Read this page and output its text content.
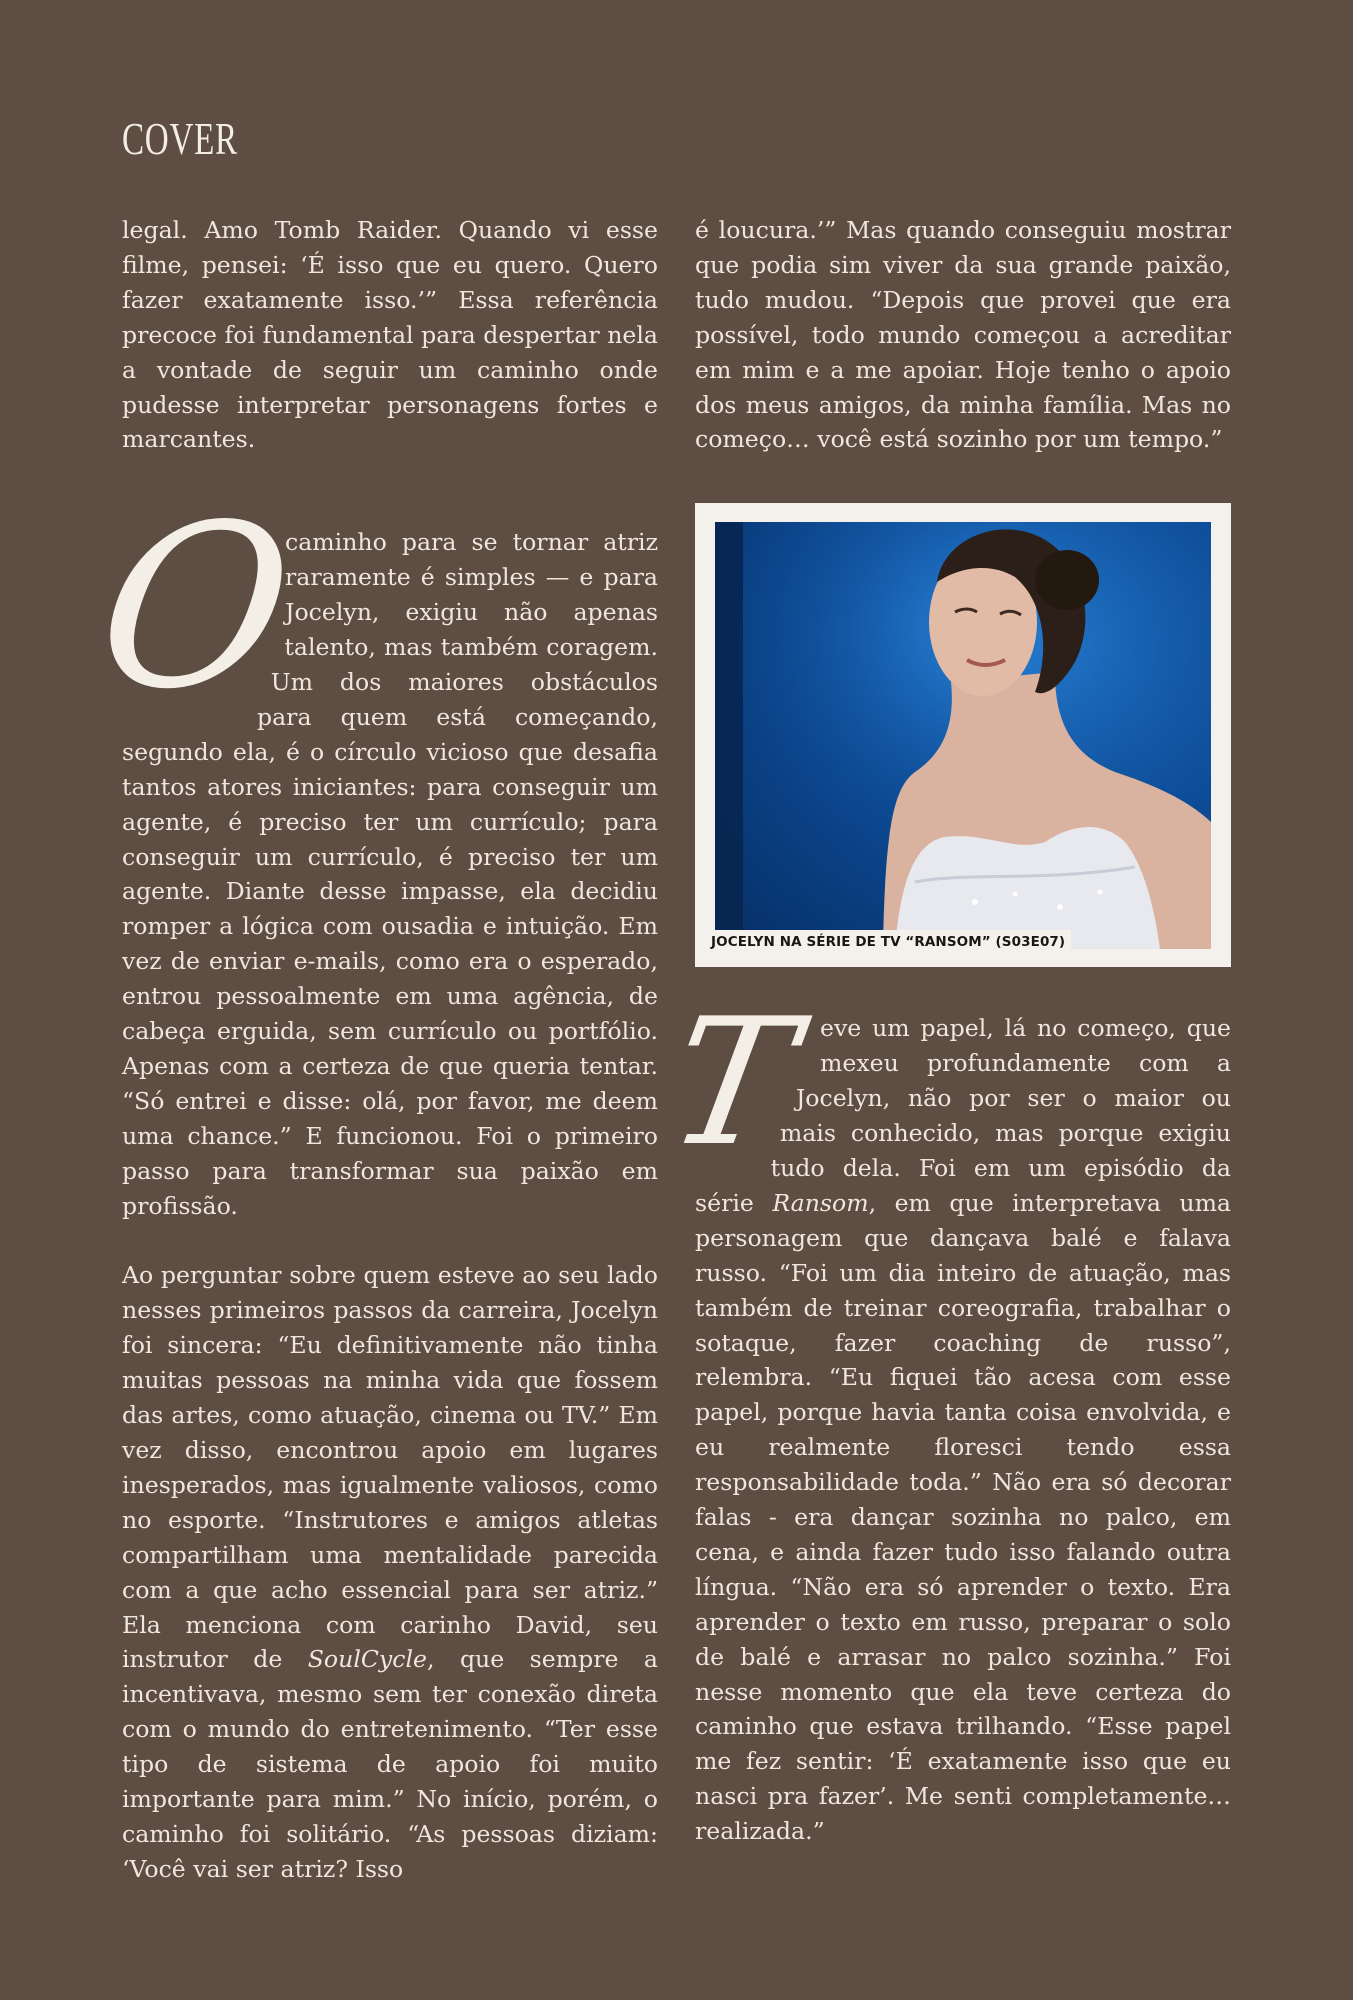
COVER

legal. Amo Tomb Raider. Quando vi esse filme, pensei: ‘É isso que eu quero. Quero fazer exatamente isso.’” Essa referência precoce foi fundamental para despertar nela a vontade de seguir um caminho onde pudesse interpretar personagens fortes e marcantes.

O
caminho para se tornar atriz raramente é simples — e para Jocelyn, exigiu não apenas talento, mas também coragem. Um dos maiores obstáculos para quem está começando, segundo ela, é o círculo vicioso que desafia tantos atores iniciantes: para conseguir um agente, é preciso ter um currículo; para conseguir um currículo, é preciso ter um agente. Diante desse impasse, ela decidiu romper a lógica com ousadia e intuição. Em vez de enviar e-mails, como era o esperado, entrou pessoalmente em uma agência, de cabeça erguida, sem currículo ou portfólio. Apenas com a certeza de que queria tentar. “Só entrei e disse: olá, por favor, me deem uma chance.” E funcionou. Foi o primeiro passo para transformar sua paixão em profissão.

Ao perguntar sobre quem esteve ao seu lado nesses primeiros passos da carreira, Jocelyn foi sincera: “Eu definitivamente não tinha muitas pessoas na minha vida que fossem das artes, como atuação, cinema ou TV.” Em vez disso, encontrou apoio em lugares inesperados, mas igualmente valiosos, como no esporte. “Instrutores e amigos atletas compartilham uma mentalidade parecida com a que acho essencial para ser atriz.” Ela menciona com carinho David, seu instrutor de SoulCycle, que sempre a incentivava, mesmo sem ter conexão direta com o mundo do entretenimento. “Ter esse tipo de sistema de apoio foi muito importante para mim.” No início, porém, o caminho foi solitário. “As pessoas diziam: ‘Você vai ser atriz? Isso

é loucura.’” Mas quando conseguiu mostrar que podia sim viver da sua grande paixão, tudo mudou. “Depois que provei que era possível, todo mundo começou a acreditar em mim e a me apoiar. Hoje tenho o apoio dos meus amigos, da minha família. Mas no começo… você está sozinho por um tempo.”

JOCELYN NA SÉRIE DE TV “RANSOM” (S03E07)

T eve um papel, lá no começo, que mexeu profundamente com a Jocelyn, não por ser o maior ou mais conhecido, mas porque exigiu tudo dela. Foi em um episódio da série Ransom, em que interpretava uma personagem que dançava balé e falava russo. “Foi um dia inteiro de atuação, mas também de treinar coreografia, trabalhar o sotaque, fazer coaching de russo”, relembra. “Eu fiquei tão acesa com esse papel, porque havia tanta coisa envolvida, e eu realmente floresci tendo essa responsabilidade toda.” Não era só decorar falas - era dançar sozinha no palco, em cena, e ainda fazer tudo isso falando outra língua. “Não era só aprender o texto. Era aprender o texto em russo, preparar o solo de balé e arrasar no palco sozinha.” Foi nesse momento que ela teve certeza do caminho que estava trilhando. “Esse papel me fez sentir: ‘É exatamente isso que eu nasci pra fazer’. Me senti completamente… realizada.”
